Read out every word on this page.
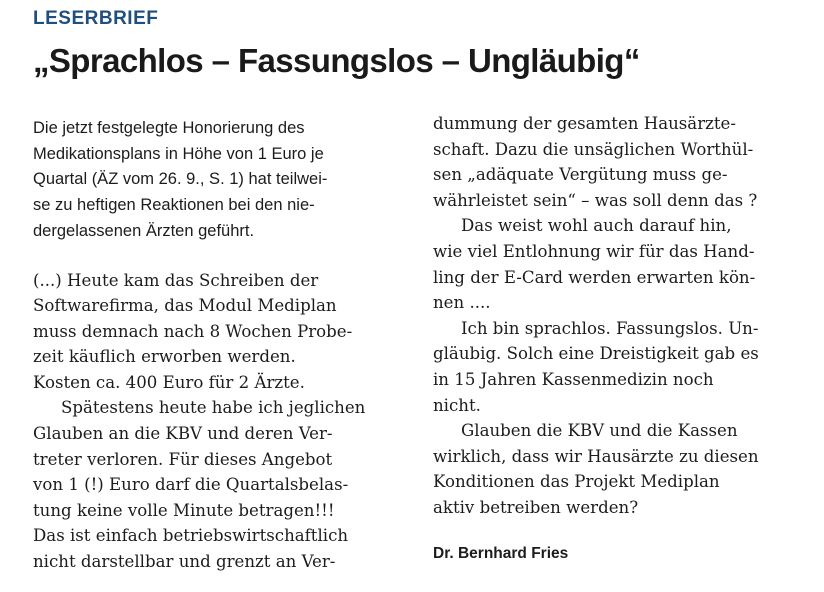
LESERBRIEF
„Sprachlos – Fassungslos – Ungläubig“
Die jetzt festgelegte Honorierung des
Medikationsplans in Höhe von 1 Euro je
Quartal (ÄZ vom 26. 9., S. 1) hat teilwei-
se zu heftigen Reaktionen bei den nie-
dergelassenen Ärzten geführt.
(...) Heute kam das Schreiben der
Softwarefirma, das Modul Mediplan
muss demnach nach 8 Wochen Probe-
zeit käuflich erworben werden.
Kosten ca. 400 Euro für 2 Ärzte.
Spätestens heute habe ich jeglichen
Glauben an die KBV und deren Ver-
treter verloren. Für dieses Angebot
von 1 (!) Euro darf die Quartalsbelas-
tung keine volle Minute betragen!!!
Das ist einfach betriebswirtschaftlich
nicht darstellbar und grenzt an Ver-
dummung der gesamten Hausärzte-
schaft. Dazu die unsäglichen Worthül-
sen „adäquate Vergütung muss ge-
währleistet sein“ – was soll denn das ?
Das weist wohl auch darauf hin,
wie viel Entlohnung wir für das Hand-
ling der E-Card werden erwarten kön-
nen ....
Ich bin sprachlos. Fassungslos. Un-
gläubig. Solch eine Dreistigkeit gab es
in 15 Jahren Kassenmedizin noch
nicht.
Glauben die KBV und die Kassen
wirklich, dass wir Hausärzte zu diesen
Konditionen das Projekt Mediplan
aktiv betreiben werden?
Dr. Bernhard Fries
